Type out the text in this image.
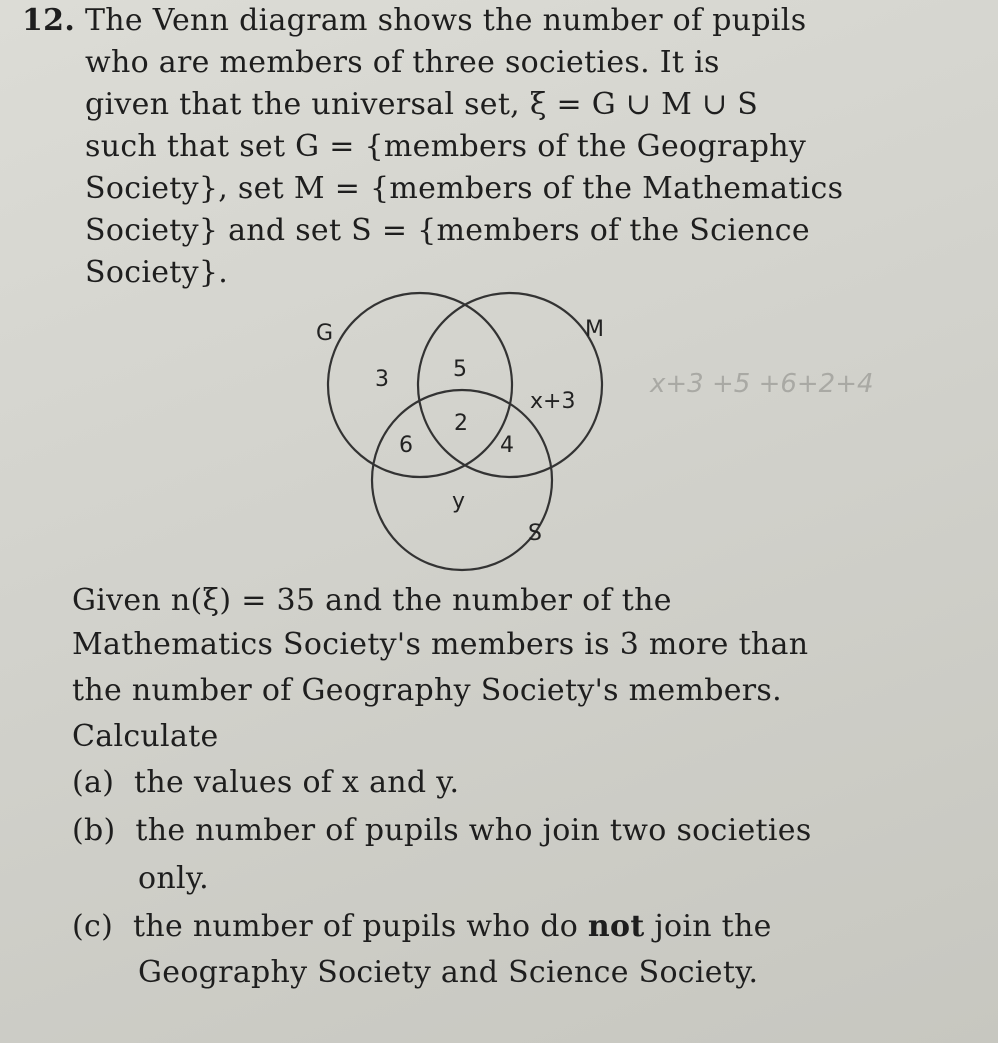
12. The Venn diagram shows the number of pupils
who are members of three societies. It is
given that the universal set, ξ = G ∪ M ∪ S
such that set G = {members of the Geography
Society}, set M = {members of the Mathematics
Society} and set S = {members of the Science
Society}.
G	M
S
3	5
x+3
2
6	4
y
x+3 +5 +6+2+4
Given n(ξ) = 35 and the number of the
Mathematics Society's members is 3 more than
the number of Geography Society's members.
Calculate
(a) the values of x and y.
(b) the number of pupils who join two societies
only.
(c) the number of pupils who do not join the
Geography Society and Science Society.
